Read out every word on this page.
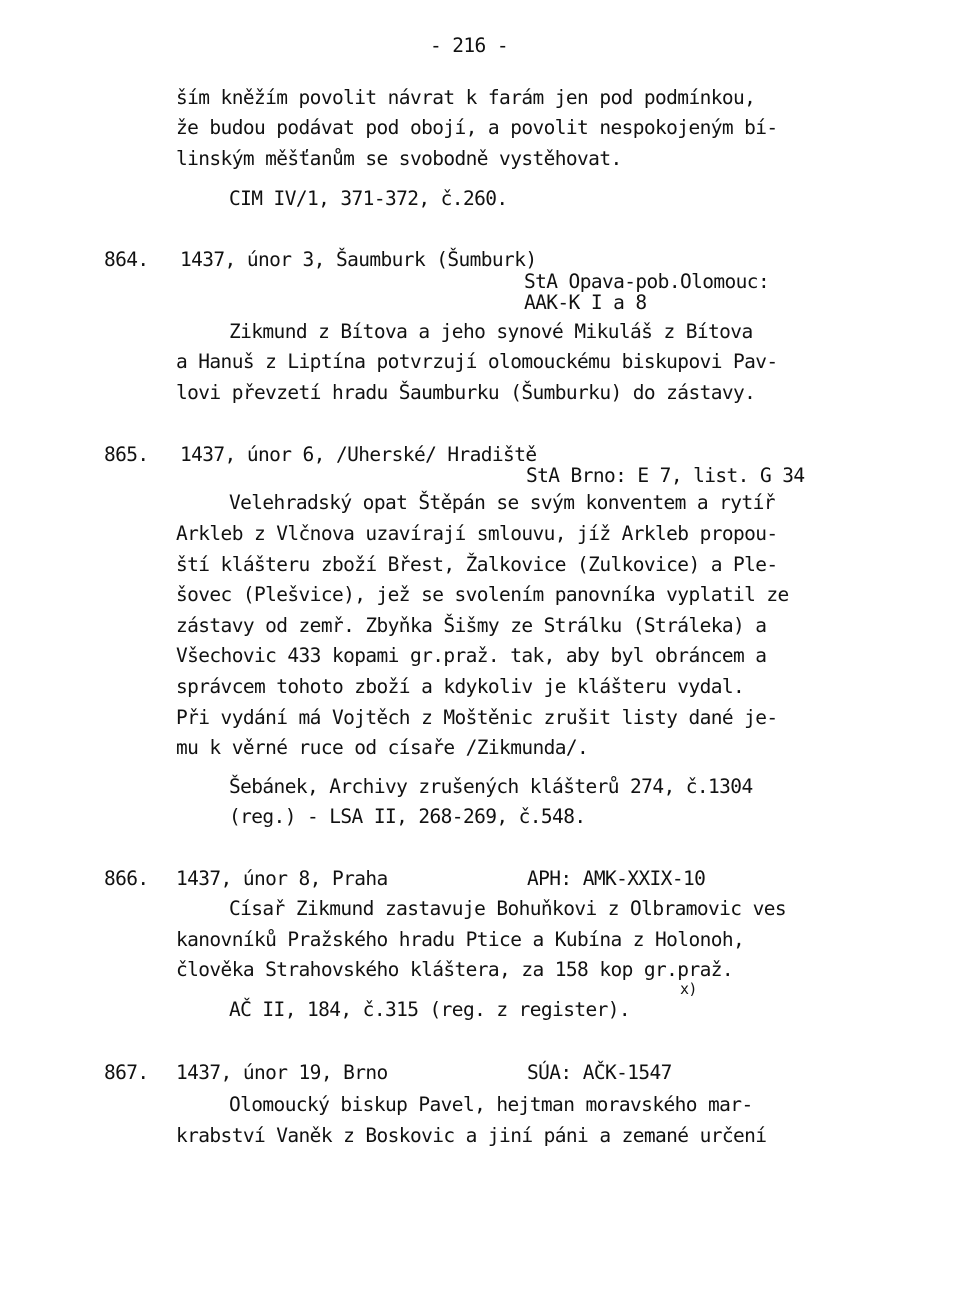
- 216 -
ším kněžím povolit návrat k farám jen pod podmínkou,
že budou podávat pod obojí, a povolit nespokojeným bí-
linským měšťanům se svobodně vystěhovat.
CIM IV/1, 371-372, č.260.
864. 1437, únor 3, Šaumburk (Šumburk)
StA Opava-pob.Olomouc:
AAK-K I a 8
Zikmund z Bítova a jeho synové Mikuláš z Bítova
a Hanuš z Liptína potvrzují olomouckému biskupovi Pav-
lovi převzetí hradu Šaumburku (Šumburku) do zástavy.
865. 1437, únor 6, /Uherské/ Hradiště
StA Brno: E 7, list. G 34
Velehradský opat Štěpán se svým konventem a rytíř
Arkleb z Vlčnova uzavírají smlouvu, jíž Arkleb propou-
ští klášteru zboží Břest, Žalkovice (Zulkovice) a Ple-
šovec (Plešvice), jež se svolením panovníka vyplatil ze
zástavy od zemř. Zbyňka Šišmy ze Strálku (Stráleka) a
Všechovic 433 kopami gr.praž. tak, aby byl obráncem a
správcem tohoto zboží a kdykoliv je klášteru vydal.
Při vydání má Vojtěch z Moštěnic zrušit listy dané je-
mu k věrné ruce od císaře /Zikmunda/.
Šebánek, Archivy zrušených klášterů 274, č.1304
(reg.) - LSA II, 268-269, č.548.
866. 1437, únor 8, Praha	APH: AMK-XXIX-10
Císař Zikmund zastavuje Bohuňkovi z Olbramovic ves
kanovníků Pražského hradu Ptice a Kubína z Holonoh,
člověka Strahovského kláštera, za 158 kop gr.praž.
x)
AČ II, 184, č.315 (reg. z register).
867. 1437, únor 19, Brno	SÚA: AČK-1547
Olomoucký biskup Pavel, hejtman moravského mar-
krabství Vaněk z Boskovic a jiní páni a zemané určení
